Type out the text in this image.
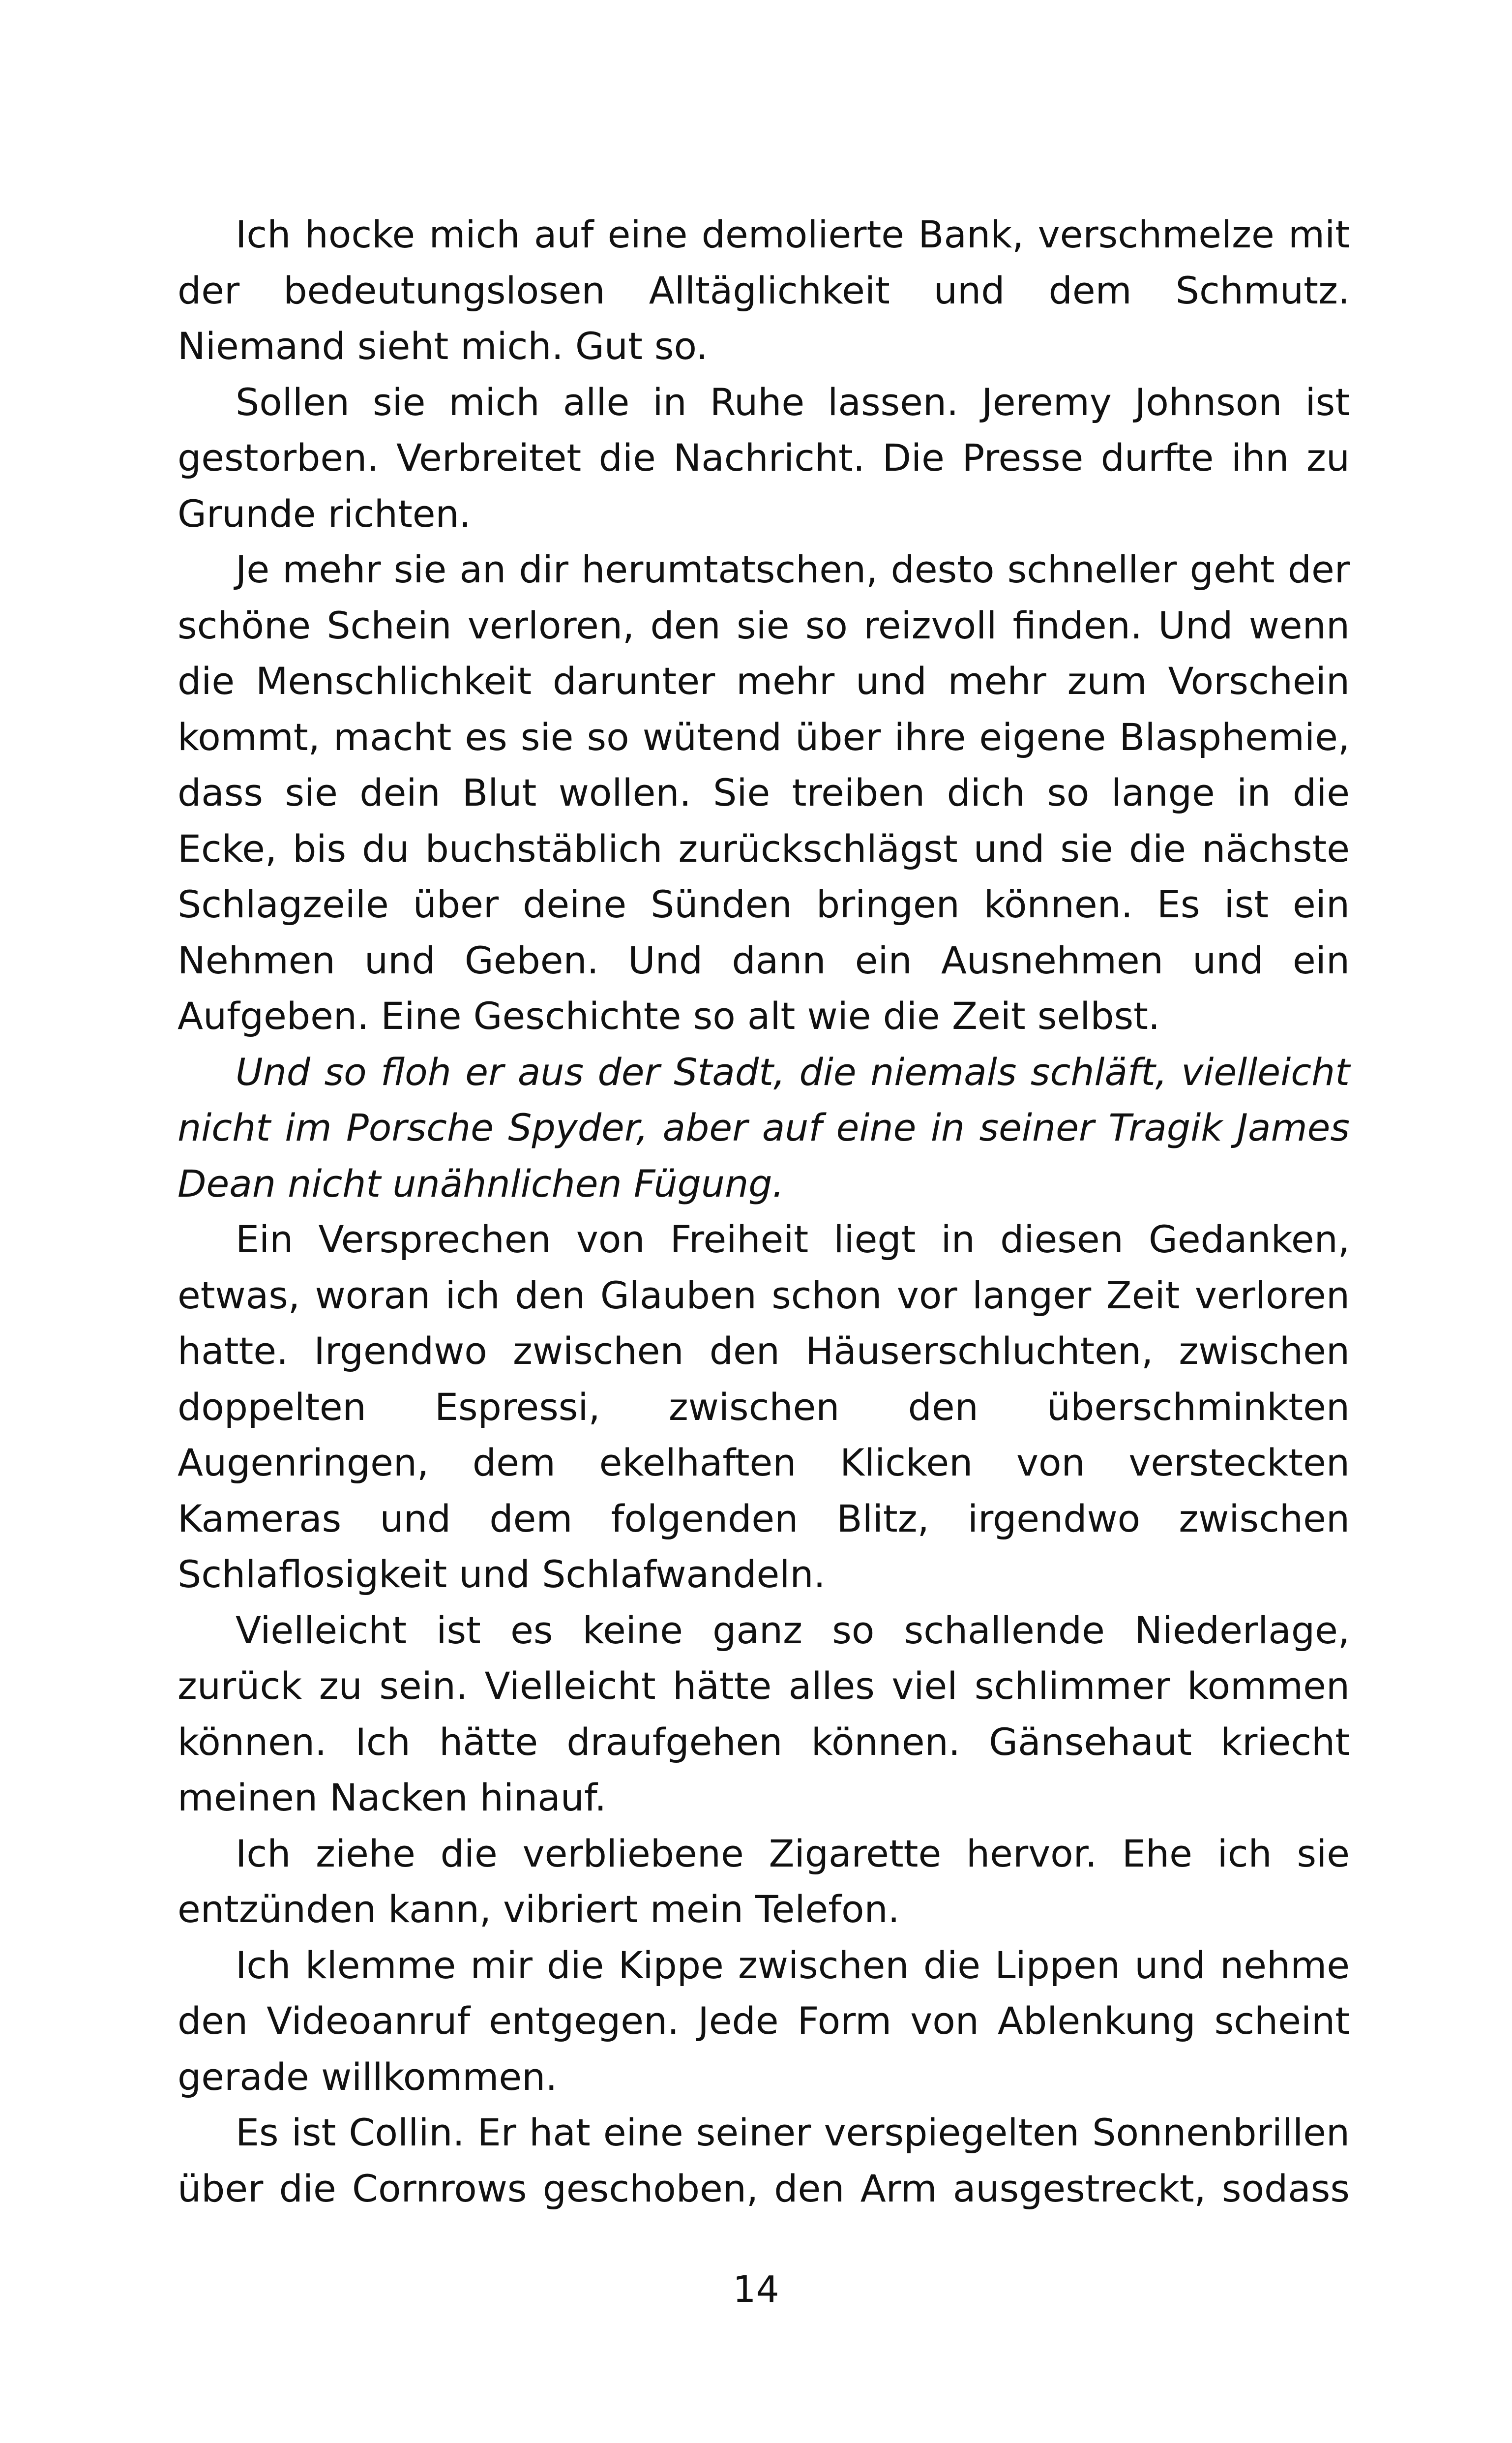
Ich hocke mich auf eine demolierte Bank, verschmelze mit der bedeutungslosen Alltäglichkeit und dem Schmutz. Niemand sieht mich. Gut so.

Sollen sie mich alle in Ruhe lassen. Jeremy Johnson ist gestorben. Verbreitet die Nachricht. Die Presse durfte ihn zu Grunde richten.

Je mehr sie an dir herumtatschen, desto schneller geht der schöne Schein verloren, den sie so reizvoll finden. Und wenn die Menschlichkeit darunter mehr und mehr zum Vorschein kommt, macht es sie so wütend über ihre eigene Blasphemie, dass sie dein Blut wollen. Sie treiben dich so lange in die Ecke, bis du buchstäblich zurückschlägst und sie die nächste Schlagzeile über deine Sünden bringen können. Es ist ein Nehmen und Geben. Und dann ein Ausnehmen und ein Aufgeben. Eine Geschichte so alt wie die Zeit selbst.

Und so floh er aus der Stadt, die niemals schläft, vielleicht nicht im Porsche Spyder, aber auf eine in seiner Tragik James Dean nicht unähnlichen Fügung.

Ein Versprechen von Freiheit liegt in diesen Gedanken, etwas, woran ich den Glauben schon vor langer Zeit verloren hatte. Irgendwo zwischen den Häuserschluchten, zwischen doppelten Espressi, zwischen den überschminkten Augenringen, dem ekelhaften Klicken von versteckten Kameras und dem folgenden Blitz, irgendwo zwischen Schlaflosigkeit und Schlafwandeln.

Vielleicht ist es keine ganz so schallende Niederlage, zurück zu sein. Vielleicht hätte alles viel schlimmer kommen können. Ich hätte draufgehen können. Gänsehaut kriecht meinen Nacken hinauf.

Ich ziehe die verbliebene Zigarette hervor. Ehe ich sie entzünden kann, vibriert mein Telefon.

Ich klemme mir die Kippe zwischen die Lippen und nehme den Videoanruf entgegen. Jede Form von Ablenkung scheint gerade willkommen.

Es ist Collin. Er hat eine seiner verspiegelten Sonnenbrillen über die Cornrows geschoben, den Arm ausgestreckt, sodass

14
